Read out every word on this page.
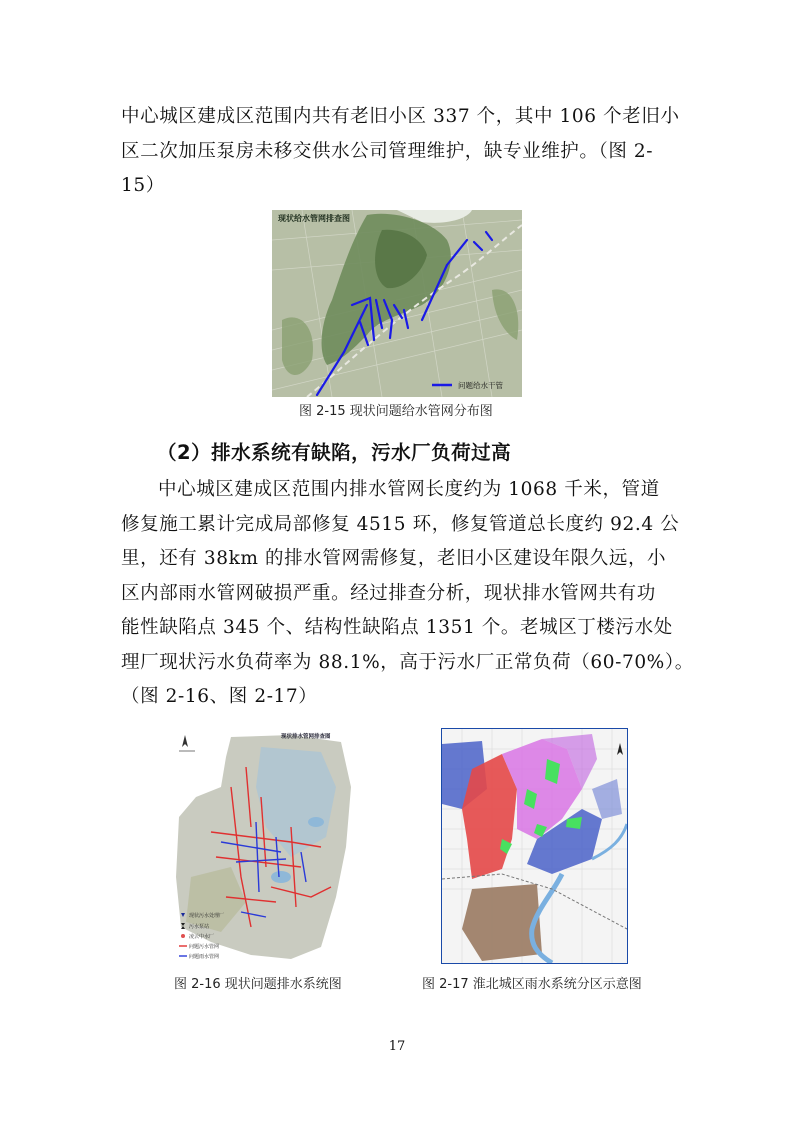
中心城区建成区范围内共有老旧小区 337 个，其中 106 个老旧小
区二次加压泵房未移交供水公司管理维护，缺专业维护。（图 2-
15）
现状给水管网排查图
问题给水干管
图 2-15 现状问题给水管网分布图
（2）排水系统有缺陷，污水厂负荷过高
中心城区建成区范围内排水管网长度约为 1068 千米，管道
修复施工累计完成局部修复 4515 环，修复管道总长度约 92.4 公
里，还有 38km 的排水管网需修复，老旧小区建设年限久远，小
区内部雨水管网破损严重。经过排查分析，现状排水管网共有功
能性缺陷点 345 个、结构性缺陷点 1351 个。老城区丁楼污水处
理厂现状污水负荷率为 88.1%，高于污水厂正常负荷（60-70%）。
（图 2-16、图 2-17）
现状排水管网排查图
现状污水处理厂
污水泵站
凌云中水厂
问题污水管网
问题雨水管网
图 2-16 现状问题排水系统图	图 2-17 淮北城区雨水系统分区示意图
17
